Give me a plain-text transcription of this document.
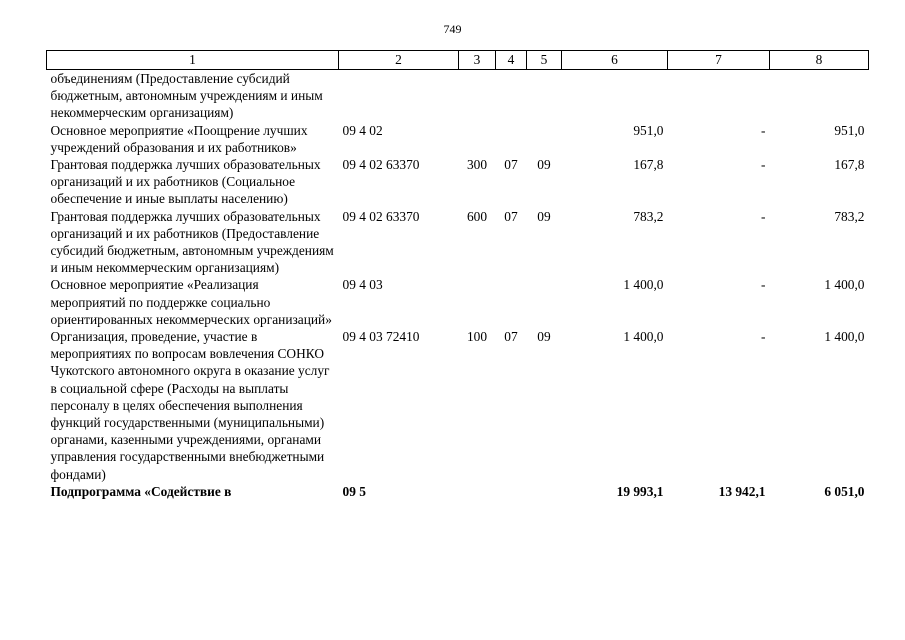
749
1	2	3	4	5	6	7	8
объединениям (Предоставление субсидий бюджетным, автономным учреждениям и иным некоммерческим организациям)							
Основное мероприятие «Поощрение лучших учреждений образования и их работников»	09 4 02				951,0	-	951,0
Грантовая поддержка лучших образовательных организаций и их работников (Социальное обеспечение и иные выплаты населению)	09 4 02 63370	300	07	09	167,8	-	167,8
Грантовая поддержка лучших образовательных организаций и их работников (Предоставление субсидий бюджетным, автономным учреждениям и иным некоммерческим организациям)	09 4 02 63370	600	07	09	783,2	-	783,2
Основное мероприятие «Реализация мероприятий по поддержке социально ориентированных некоммерческих организаций»	09 4 03				1 400,0	-	1 400,0
Организация, проведение, участие в мероприятиях по вопросам вовлечения СОНКО Чукотского автономного округа в оказание услуг в социальной сфере (Расходы на выплаты персоналу в целях обеспечения выполнения функций государственными (муниципальными) органами, казенными учреждениями, органами управления государственными внебюджетными фондами)	09 4 03 72410	100	07	09	1 400,0	-	1 400,0
Подпрограмма «Содействие в	09 5				19 993,1	13 942,1	6 051,0
